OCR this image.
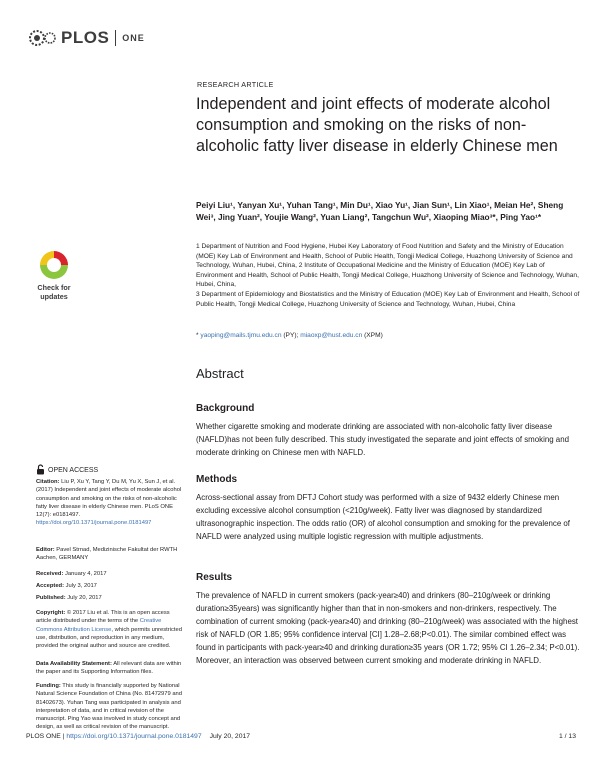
PLOS ONE
RESEARCH ARTICLE
Independent and joint effects of moderate alcohol consumption and smoking on the risks of non-alcoholic fatty liver disease in elderly Chinese men
Peiyi Liu¹, Yanyan Xu¹, Yuhan Tang¹, Min Du¹, Xiao Yu¹, Jian Sun¹, Lin Xiao¹, Meian He², Sheng Wei³, Jing Yuan², Youjie Wang², Yuan Liang², Tangchun Wu², Xiaoping Miao³*, Ping Yao¹*

1 Department of Nutrition and Food Hygiene, Hubei Key Laboratory of Food Nutrition and Safety and the Ministry of Education (MOE) Key Lab of Environment and Health, School of Public Health, Tongji Medical College, Huazhong University of Science and Technology, Wuhan, Hubei, China, 2 Institute of Occupational Medicine and the Ministry of Education (MOE) Key Lab of Environment and Health, School of Public Health, Tongji Medical College, Huazhong University of Science and Technology, Wuhan, Hubei, China,

3 Department of Epidemiology and Biostatistics and the Ministry of Education (MOE) Key Lab of Environment and Health, School of Public Health, Tongji Medical College, Huazhong University of Science and Technology, Wuhan, Hubei, China

* yaoping@mails.tjmu.edu.cn (PY); miaoxp@hust.edu.cn (XPM)
Abstract
Background
Whether cigarette smoking and moderate drinking are associated with non-alcoholic fatty liver disease (NAFLD)has not been fully described. This study investigated the separate and joint effects of smoking and moderate drinking on Chinese men with NAFLD.
Methods
Across-sectional assay from DFTJ Cohort study was performed with a size of 9432 elderly Chinese men excluding excessive alcohol consumption (<210g/week). Fatty liver was diagnosed by standardized ultrasonographic inspection. The odds ratio (OR) of alcohol consumption and smoking for the prevalence of NAFLD were analyzed using multiple logistic regression with multiple adjustments.
Results
The prevalence of NAFLD in current smokers (pack-year≥40) and drinkers (80–210g/week or drinking duration≥35years) was significantly higher than that in non-smokers and non-drinkers, respectively. The combination of current smoking (pack-year≥40) and drinking (80–210g/week) was associated with the highest risk of NAFLD (OR 1.85; 95% confidence interval [CI] 1.28–2.68;P<0.01). The similar combined effect was found in participants with pack-year≥40 and drinking duration≥35 years (OR 1.72; 95% CI 1.26–2.34; P<0.01). Moreover, an interaction was observed between current smoking and moderate drinking in NAFLD.
Check for
updates
OPEN ACCESS
Citation: Liu P, Xu Y, Tang Y, Du M, Yu X, Sun J, et al. (2017) Independent and joint effects of moderate alcohol consumption and smoking on the risks of non-alcoholic fatty liver disease in elderly Chinese men. PLoS ONE 12(7): e0181497. https://doi.org/10.1371/journal.pone.0181497
Editor: Pavel Strnad, Medizinische Fakultat der RWTH Aachen, GERMANY
Received: January 4, 2017
Accepted: July 3, 2017
Published: July 20, 2017
Copyright: © 2017 Liu et al. This is an open access article distributed under the terms of the Creative Commons Attribution License, which permits unrestricted use, distribution, and reproduction in any medium, provided the original author and source are credited.
Data Availability Statement: All relevant data are within the paper and its Supporting Information files.
Funding: This study is financially supported by National Natural Science Foundation of China (No. 81472979 and 81402673). Yuhan Tang was participated in analysis and interpretation of data, and in critical revision of the manuscript. Ping Yao was involved in study concept and design, as well as critical revision of the manuscript.
PLOS ONE | https://doi.org/10.1371/journal.pone.0181497 July 20, 2017	1 / 13
